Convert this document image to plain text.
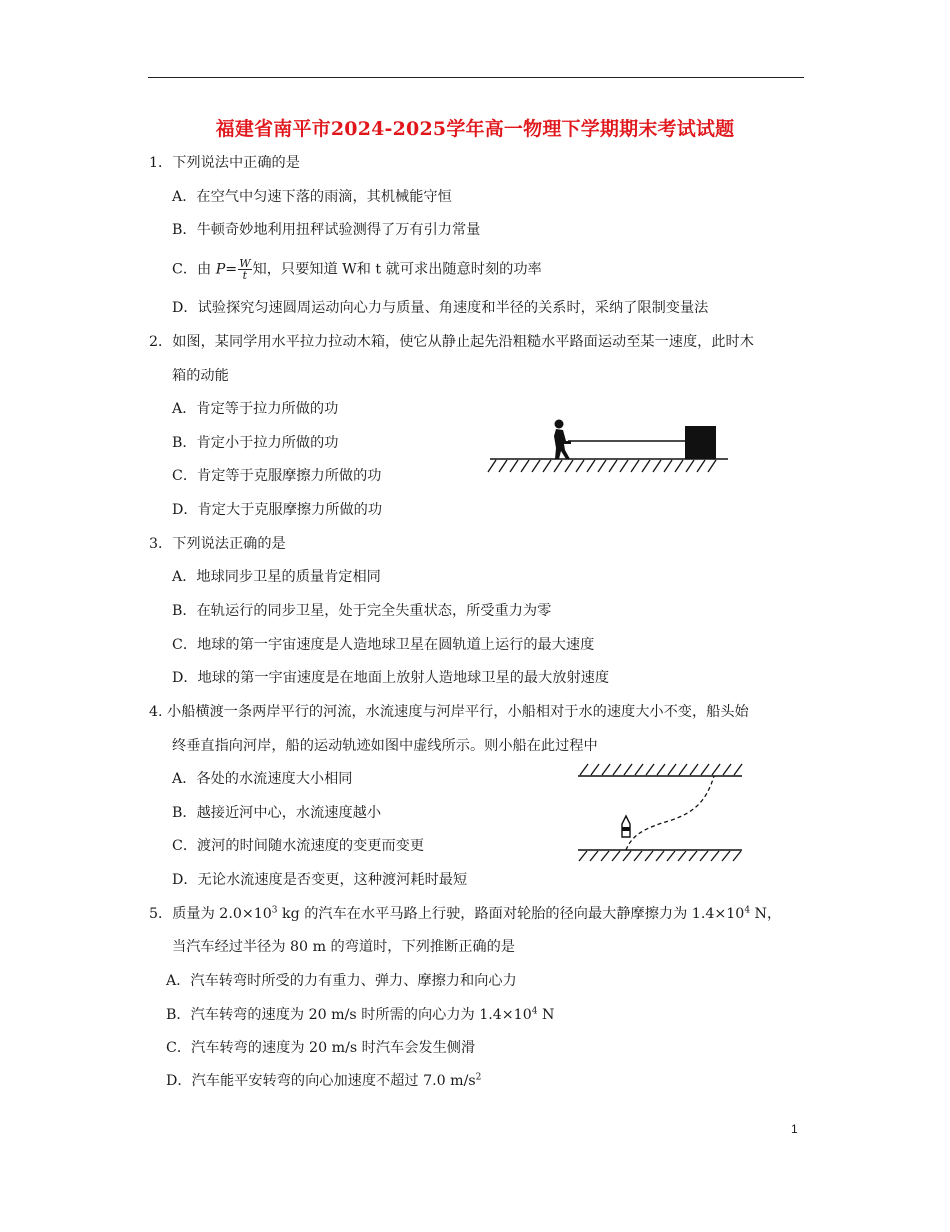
福建省南平市2024-2025学年高一物理下学期期末考试试题
1．下列说法中正确的是
A．在空气中匀速下落的雨滴，其机械能守恒
B．牛顿奇妙地利用扭秤试验测得了万有引力常量
C．由 $P= \frac{W}{t}$ 知，只要知道 W和 t 就可求出随意时刻的功率
D．试验探究匀速圆周运动向心力与质量、角速度和半径的关系时，采纳了限制变量法
2．如图，某同学用水平拉力拉动木箱，使它从静止起先沿粗糙水平路面运动至某一速度，此时木
箱的动能
A．肯定等于拉力所做的功
B．肯定小于拉力所做的功
C．肯定等于克服摩擦力所做的功
D．肯定大于克服摩擦力所做的功
3．下列说法正确的是
A．地球同步卫星的质量肯定相同
B．在轨运行的同步卫星，处于完全失重状态，所受重力为零
C．地球的第一宇宙速度是人造地球卫星在圆轨道上运行的最大速度
D．地球的第一宇宙速度是在地面上放射人造地球卫星的最大放射速度
4. 小船横渡一条两岸平行的河流，水流速度与河岸平行，小船相对于水的速度大小不变，船头始
终垂直指向河岸，船的运动轨迹如图中虚线所示。则小船在此过程中
A．各处的水流速度大小相同
B．越接近河中心，水流速度越小
C．渡河的时间随水流速度的变更而变更
D．无论水流速度是否变更，这种渡河耗时最短
5．质量为 $2.0\times 10^3$ kg 的汽车在水平马路上行驶，路面对轮胎的径向最大静摩擦力为 $1.4\times 10^4$ N，
当汽车经过半径为 80 m 的弯道时，下列推断正确的是
A．汽车转弯时所受的力有重力、弹力、摩擦力和向心力
B．汽车转弯的速度为 20 m/s 时所需的向心力为 $1.4\times 10^4$ N
C．汽车转弯的速度为 20 m/s 时汽车会发生侧滑
D．汽车能平安转弯的向心加速度不超过 7.0 $m/s^2$
1
